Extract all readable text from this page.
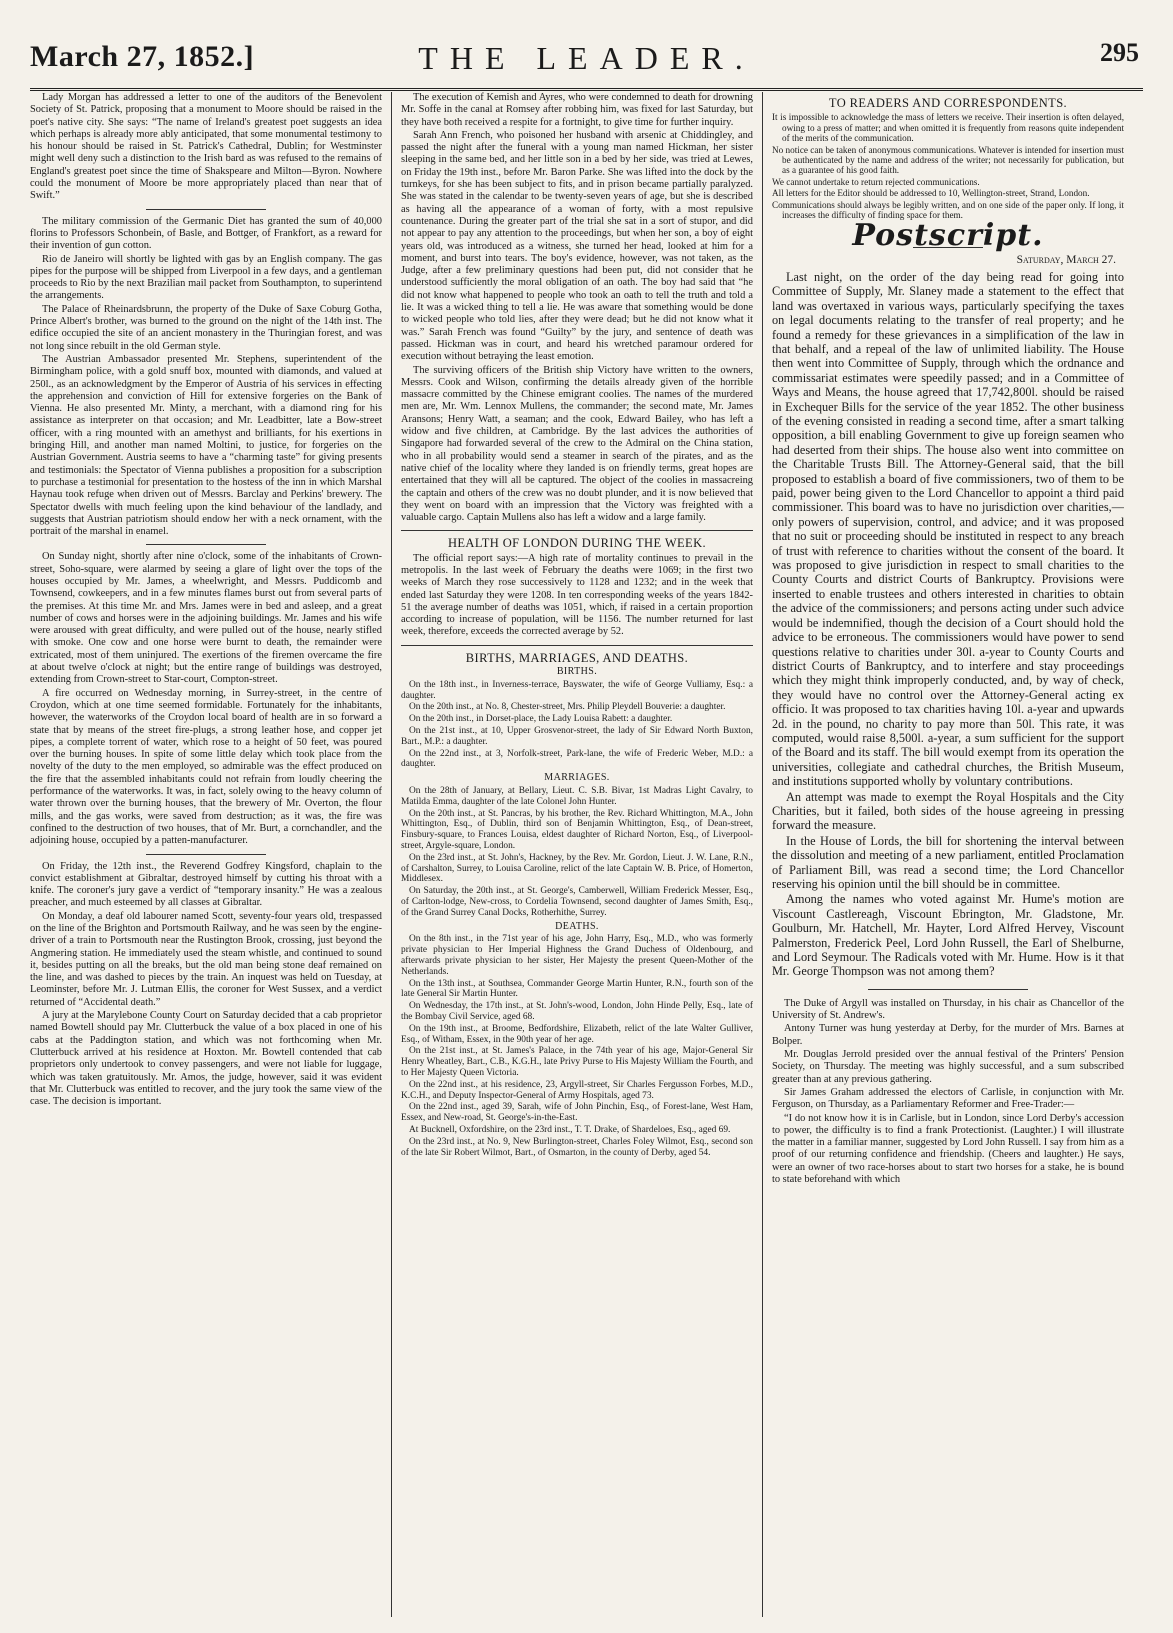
March 27, 1852.]	THE LEADER.	295

Lady Morgan has addressed a letter to one of the auditors of the Benevolent Society of St. Patrick, proposing that a monument to Moore should be raised in the poet's native city. She says: “The name of Ireland's greatest poet suggests an idea which perhaps is already more ably anticipated, that some monumental testimony to his honour should be raised in St. Patrick's Cathedral, Dublin; for Westminster might well deny such a distinction to the Irish bard as was refused to the remains of England's greatest poet since the time of Shakspeare and Milton—Byron. Nowhere could the monument of Moore be more appropriately placed than near that of Swift.”

The military commission of the Germanic Diet has granted the sum of 40,000 florins to Professors Schonbein, of Basle, and Bottger, of Frankfort, as a reward for their invention of gun cotton.

Rio de Janeiro will shortly be lighted with gas by an English company. The gas pipes for the purpose will be shipped from Liverpool in a few days, and a gentleman proceeds to Rio by the next Brazilian mail packet from Southampton, to superintend the arrangements.

The Palace of Rheinardsbrunn, the property of the Duke of Saxe Coburg Gotha, Prince Albert's brother, was burned to the ground on the night of the 14th inst. The edifice occupied the site of an ancient monastery in the Thuringian forest, and was not long since rebuilt in the old German style.

The Austrian Ambassador presented Mr. Stephens, superintendent of the Birmingham police, with a gold snuff box, mounted with diamonds, and valued at 250l., as an acknowledgment by the Emperor of Austria of his services in effecting the apprehension and conviction of Hill for extensive forgeries on the Bank of Vienna. He also presented Mr. Minty, a merchant, with a diamond ring for his assistance as interpreter on that occasion; and Mr. Leadbitter, late a Bow-street officer, with a ring mounted with an amethyst and brilliants, for his exertions in bringing Hill, and another man named Moltini, to justice, for forgeries on the Austrian Government. Austria seems to have a “charming taste” for giving presents and testimonials: the Spectator of Vienna publishes a proposition for a subscription to purchase a testimonial for presentation to the hostess of the inn in which Marshal Haynau took refuge when driven out of Messrs. Barclay and Perkins' brewery. The Spectator dwells with much feeling upon the kind behaviour of the landlady, and suggests that Austrian patriotism should endow her with a neck ornament, with the portrait of the marshal in enamel.

On Sunday night, shortly after nine o'clock, some of the inhabitants of Crown-street, Soho-square, were alarmed by seeing a glare of light over the tops of the houses occupied by Mr. James, a wheelwright, and Messrs. Puddicomb and Townsend, cowkeepers, and in a few minutes flames burst out from several parts of the premises. At this time Mr. and Mrs. James were in bed and asleep, and a great number of cows and horses were in the adjoining buildings. Mr. James and his wife were aroused with great difficulty, and were pulled out of the house, nearly stifled with smoke. One cow and one horse were burnt to death, the remainder were extricated, most of them uninjured. The exertions of the firemen overcame the fire at about twelve o'clock at night; but the entire range of buildings was destroyed, extending from Crown-street to Star-court, Compton-street.

A fire occurred on Wednesday morning, in Surrey-street, in the centre of Croydon, which at one time seemed formidable. Fortunately for the inhabitants, however, the waterworks of the Croydon local board of health are in so forward a state that by means of the street fire-plugs, a strong leather hose, and copper jet pipes, a complete torrent of water, which rose to a height of 50 feet, was poured over the burning houses. In spite of some little delay which took place from the novelty of the duty to the men employed, so admirable was the effect produced on the fire that the assembled inhabitants could not refrain from loudly cheering the performance of the waterworks. It was, in fact, solely owing to the heavy column of water thrown over the burning houses, that the brewery of Mr. Overton, the flour mills, and the gas works, were saved from destruction; as it was, the fire was confined to the destruction of two houses, that of Mr. Burt, a cornchandler, and the adjoining house, occupied by a patten-manufacturer.

On Friday, the 12th inst., the Reverend Godfrey Kingsford, chaplain to the convict establishment at Gibraltar, destroyed himself by cutting his throat with a knife. The coroner's jury gave a verdict of “temporary insanity.” He was a zealous preacher, and much esteemed by all classes at Gibraltar.

On Monday, a deaf old labourer named Scott, seventy-four years old, trespassed on the line of the Brighton and Portsmouth Railway, and he was seen by the engine-driver of a train to Portsmouth near the Rustington Brook, crossing, just beyond the Angmering station. He immediately used the steam whistle, and continued to sound it, besides putting on all the breaks, but the old man being stone deaf remained on the line, and was dashed to pieces by the train. An inquest was held on Tuesday, at Leominster, before Mr. J. Lutman Ellis, the coroner for West Sussex, and a verdict returned of “Accidental death.”

A jury at the Marylebone County Court on Saturday decided that a cab proprietor named Bowtell should pay Mr. Clutterbuck the value of a box placed in one of his cabs at the Paddington station, and which was not forthcoming when Mr. Clutterbuck arrived at his residence at Hoxton. Mr. Bowtell contended that cab proprietors only undertook to convey passengers, and were not liable for luggage, which was taken gratuitously. Mr. Amos, the judge, however, said it was evident that Mr. Clutterbuck was entitled to recover, and the jury took the same view of the case. The decision is important.

The execution of Kemish and Ayres, who were condemned to death for drowning Mr. Soffe in the canal at Romsey after robbing him, was fixed for last Saturday, but they have both received a respite for a fortnight, to give time for further inquiry.

Sarah Ann French, who poisoned her husband with arsenic at Chiddingley, and passed the night after the funeral with a young man named Hickman, her sister sleeping in the same bed, and her little son in a bed by her side, was tried at Lewes, on Friday the 19th inst., before Mr. Baron Parke. She was lifted into the dock by the turnkeys, for she has been subject to fits, and in prison became partially paralyzed. She was stated in the calendar to be twenty-seven years of age, but she is described as having all the appearance of a woman of forty, with a most repulsive countenance. During the greater part of the trial she sat in a sort of stupor, and did not appear to pay any attention to the proceedings, but when her son, a boy of eight years old, was introduced as a witness, she turned her head, looked at him for a moment, and burst into tears. The boy's evidence, however, was not taken, as the Judge, after a few preliminary questions had been put, did not consider that he understood sufficiently the moral obligation of an oath. The boy had said that “he did not know what happened to people who took an oath to tell the truth and told a lie. It was a wicked thing to tell a lie. He was aware that something would be done to wicked people who told lies, after they were dead; but he did not know what it was.” Sarah French was found “Guilty” by the jury, and sentence of death was passed. Hickman was in court, and heard his wretched paramour ordered for execution without betraying the least emotion.

The surviving officers of the British ship Victory have written to the owners, Messrs. Cook and Wilson, confirming the details already given of the horrible massacre committed by the Chinese emigrant coolies. The names of the murdered men are, Mr. Wm. Lennox Mullens, the commander; the second mate, Mr. James Aransons; Henry Watt, a seaman; and the cook, Edward Bailey, who has left a widow and five children, at Cambridge. By the last advices the authorities of Singapore had forwarded several of the crew to the Admiral on the China station, who in all probability would send a steamer in search of the pirates, and as the native chief of the locality where they landed is on friendly terms, great hopes are entertained that they will all be captured. The object of the coolies in massacreing the captain and others of the crew was no doubt plunder, and it is now believed that they went on board with an impression that the Victory was freighted with a valuable cargo. Captain Mullens also has left a widow and a large family.

HEALTH OF LONDON DURING THE WEEK.

The official report says:—A high rate of mortality continues to prevail in the metropolis. In the last week of February the deaths were 1069; in the first two weeks of March they rose successively to 1128 and 1232; and in the week that ended last Saturday they were 1208. In ten corresponding weeks of the years 1842-51 the average number of deaths was 1051, which, if raised in a certain proportion according to increase of population, will be 1156. The number returned for last week, therefore, exceeds the corrected average by 52.

BIRTHS, MARRIAGES, AND DEATHS.
BIRTHS.

On the 18th inst., in Inverness-terrace, Bayswater, the wife of George Vulliamy, Esq.: a daughter.

On the 20th inst., at No. 8, Chester-street, Mrs. Philip Pleydell Bouverie: a daughter.

On the 20th inst., in Dorset-place, the Lady Louisa Rabett: a daughter.

On the 21st inst., at 10, Upper Grosvenor-street, the lady of Sir Edward North Buxton, Bart., M.P.: a daughter.

On the 22nd inst., at 3, Norfolk-street, Park-lane, the wife of Frederic Weber, M.D.: a daughter.

MARRIAGES.

On the 28th of January, at Bellary, Lieut. C. S.B. Bivar, 1st Madras Light Cavalry, to Matilda Emma, daughter of the late Colonel John Hunter.

On the 20th inst., at St. Pancras, by his brother, the Rev. Richard Whittington, M.A., John Whittington, Esq., of Dublin, third son of Benjamin Whittington, Esq., of Dean-street, Finsbury-square, to Frances Louisa, eldest daughter of Richard Norton, Esq., of Liverpool-street, Argyle-square, London.

On the 23rd inst., at St. John's, Hackney, by the Rev. Mr. Gordon, Lieut. J. W. Lane, R.N., of Carshalton, Surrey, to Louisa Caroline, relict of the late Captain W. B. Price, of Homerton, Middlesex.

On Saturday, the 20th inst., at St. George's, Camberwell, William Frederick Messer, Esq., of Carlton-lodge, New-cross, to Cordelia Townsend, second daughter of James Smith, Esq., of the Grand Surrey Canal Docks, Rotherhithe, Surrey.

DEATHS.

On the 8th inst., in the 71st year of his age, John Harry, Esq., M.D., who was formerly private physician to Her Imperial Highness the Grand Duchess of Oldenbourg, and afterwards private physician to her sister, Her Majesty the present Queen-Mother of the Netherlands.

On the 13th inst., at Southsea, Commander George Martin Hunter, R.N., fourth son of the late General Sir Martin Hunter.

On Wednesday, the 17th inst., at St. John's-wood, London, John Hinde Pelly, Esq., late of the Bombay Civil Service, aged 68.

On the 19th inst., at Broome, Bedfordshire, Elizabeth, relict of the late Walter Gulliver, Esq., of Witham, Essex, in the 90th year of her age.

On the 21st inst., at St. James's Palace, in the 74th year of his age, Major-General Sir Henry Wheatley, Bart., C.B., K.G.H., late Privy Purse to His Majesty William the Fourth, and to Her Majesty Queen Victoria.

On the 22nd inst., at his residence, 23, Argyll-street, Sir Charles Fergusson Forbes, M.D., K.C.H., and Deputy Inspector-General of Army Hospitals, aged 73.

On the 22nd inst., aged 39, Sarah, wife of John Pinchin, Esq., of Forest-lane, West Ham, Essex, and New-road, St. George's-in-the-East.

At Bucknell, Oxfordshire, on the 23rd inst., T. T. Drake, of Shardeloes, Esq., aged 69.

On the 23rd inst., at No. 9, New Burlington-street, Charles Foley Wilmot, Esq., second son of the late Sir Robert Wilmot, Bart., of Osmarton, in the county of Derby, aged 54.

TO READERS AND CORRESPONDENTS.

It is impossible to acknowledge the mass of letters we receive. Their insertion is often delayed, owing to a press of matter; and when omitted it is frequently from reasons quite independent of the merits of the communication.

No notice can be taken of anonymous communications. Whatever is intended for insertion must be authenticated by the name and address of the writer; not necessarily for publication, but as a guarantee of his good faith.

We cannot undertake to return rejected communications.

All letters for the Editor should be addressed to 10, Wellington-street, Strand, London.

Communications should always be legibly written, and on one side of the paper only. If long, it increases the difficulty of finding space for them.

Postscript.
Saturday, March 27.

Last night, on the order of the day being read for going into Committee of Supply, Mr. Slaney made a statement to the effect that land was overtaxed in various ways, particularly specifying the taxes on legal documents relating to the transfer of real property; and he found a remedy for these grievances in a simplification of the law in that behalf, and a repeal of the law of unlimited liability. The House then went into Committee of Supply, through which the ordnance and commissariat estimates were speedily passed; and in a Committee of Ways and Means, the house agreed that 17,742,800l. should be raised in Exchequer Bills for the service of the year 1852. The other business of the evening consisted in reading a second time, after a smart talking opposition, a bill enabling Government to give up foreign seamen who had deserted from their ships. The house also went into committee on the Charitable Trusts Bill. The Attorney-General said, that the bill proposed to establish a board of five commissioners, two of them to be paid, power being given to the Lord Chancellor to appoint a third paid commissioner. This board was to have no jurisdiction over charities,—only powers of supervision, control, and advice; and it was proposed that no suit or proceeding should be instituted in respect to any breach of trust with reference to charities without the consent of the board. It was proposed to give jurisdiction in respect to small charities to the County Courts and district Courts of Bankruptcy. Provisions were inserted to enable trustees and others interested in charities to obtain the advice of the commissioners; and persons acting under such advice would be indemnified, though the decision of a Court should hold the advice to be erroneous. The commissioners would have power to send questions relative to charities under 30l. a-year to County Courts and district Courts of Bankruptcy, and to interfere and stay proceedings which they might think improperly conducted, and, by way of check, they would have no control over the Attorney-General acting ex officio. It was proposed to tax charities having 10l. a-year and upwards 2d. in the pound, no charity to pay more than 50l. This rate, it was computed, would raise 8,500l. a-year, a sum sufficient for the support of the Board and its staff. The bill would exempt from its operation the universities, collegiate and cathedral churches, the British Museum, and institutions supported wholly by voluntary contributions.

An attempt was made to exempt the Royal Hospitals and the City Charities, but it failed, both sides of the house agreeing in pressing forward the measure.

In the House of Lords, the bill for shortening the interval between the dissolution and meeting of a new parliament, entitled Proclamation of Parliament Bill, was read a second time; the Lord Chancellor reserving his opinion until the bill should be in committee.

Among the names who voted against Mr. Hume's motion are Viscount Castlereagh, Viscount Ebrington, Mr. Gladstone, Mr. Goulburn, Mr. Hatchell, Mr. Hayter, Lord Alfred Hervey, Viscount Palmerston, Frederick Peel, Lord John Russell, the Earl of Shelburne, and Lord Seymour. The Radicals voted with Mr. Hume. How is it that Mr. George Thompson was not among them?

The Duke of Argyll was installed on Thursday, in his chair as Chancellor of the University of St. Andrew's.

Antony Turner was hung yesterday at Derby, for the murder of Mrs. Barnes at Bolper.

Mr. Douglas Jerrold presided over the annual festival of the Printers' Pension Society, on Thursday. The meeting was highly successful, and a sum subscribed greater than at any previous gathering.

Sir James Graham addressed the electors of Carlisle, in conjunction with Mr. Ferguson, on Thursday, as a Parliamentary Reformer and Free-Trader:—

“I do not know how it is in Carlisle, but in London, since Lord Derby's accession to power, the difficulty is to find a frank Protectionist. (Laughter.) I will illustrate the matter in a familiar manner, suggested by Lord John Russell. I say from him as a proof of our returning confidence and friendship. (Cheers and laughter.) He says, were an owner of two race-horses about to start two horses for a stake, he is bound to state beforehand with which
